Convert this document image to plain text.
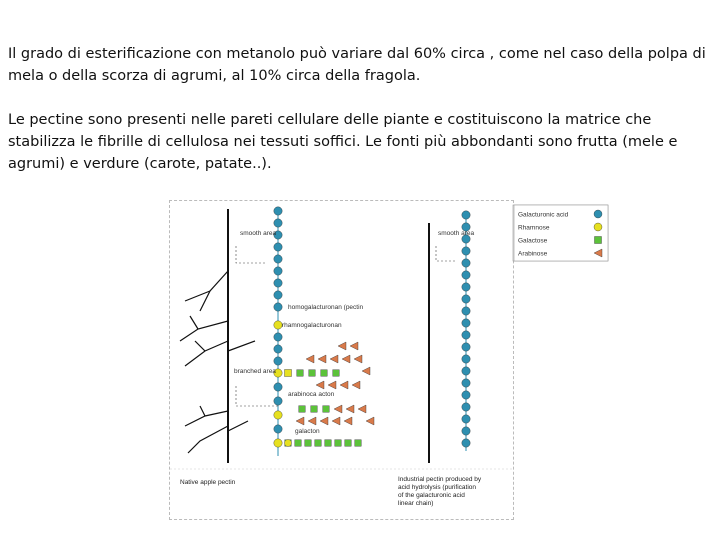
Il grado di esterificazione con metanolo può variare dal 60% circa , come nel caso della polpa di mela o della scorza di agrumi, al 10% circa della fragola.

Le pectine sono presenti nelle pareti cellulare delle piante e costituiscono la matrice che stabilizza le fibrille di cellulosa nei tessuti soffici. Le fonti più abbondanti sono frutta (mele e agrumi) e verdure (carote, patate..).

smooth area
homogalacturonan (pectin
rhamnogalacturonan
branched area
arabinoca acton
galacton
smooth area
Galacturonic acid
Rhamnose
Galactose
Arabinose
Native apple pectin	Industrial pectin produced by acid hydrolysis (purification of the galacturonic acid linear chain)
